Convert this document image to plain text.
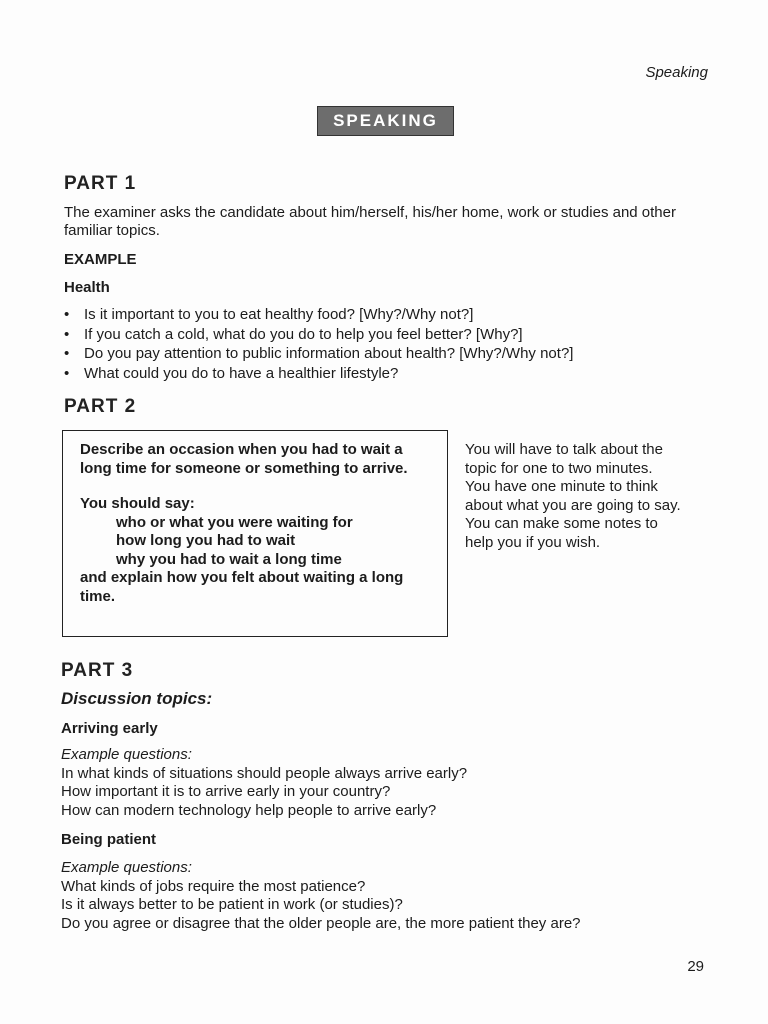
Speaking
SPEAKING
PART 1
The examiner asks the candidate about him/herself, his/her home, work or studies and other familiar topics.
EXAMPLE
Health
• Is it important to you to eat healthy food? [Why?/Why not?]
• If you catch a cold, what do you do to help you feel better? [Why?]
• Do you pay attention to public information about health? [Why?/Why not?]
• What could you do to have a healthier lifestyle?
PART 2
Describe an occasion when you had to wait a long time for someone or something to arrive.
You should say:
who or what you were waiting for
how long you had to wait
why you had to wait a long time
and explain how you felt about waiting a long time.
You will have to talk about the
topic for one to two minutes.
You have one minute to think
about what you are going to say.
You can make some notes to
help you if you wish.
PART 3
Discussion topics:
Arriving early
Example questions:
In what kinds of situations should people always arrive early?
How important it is to arrive early in your country?
How can modern technology help people to arrive early?
Being patient
Example questions:
What kinds of jobs require the most patience?
Is it always better to be patient in work (or studies)?
Do you agree or disagree that the older people are, the more patient they are?
29
